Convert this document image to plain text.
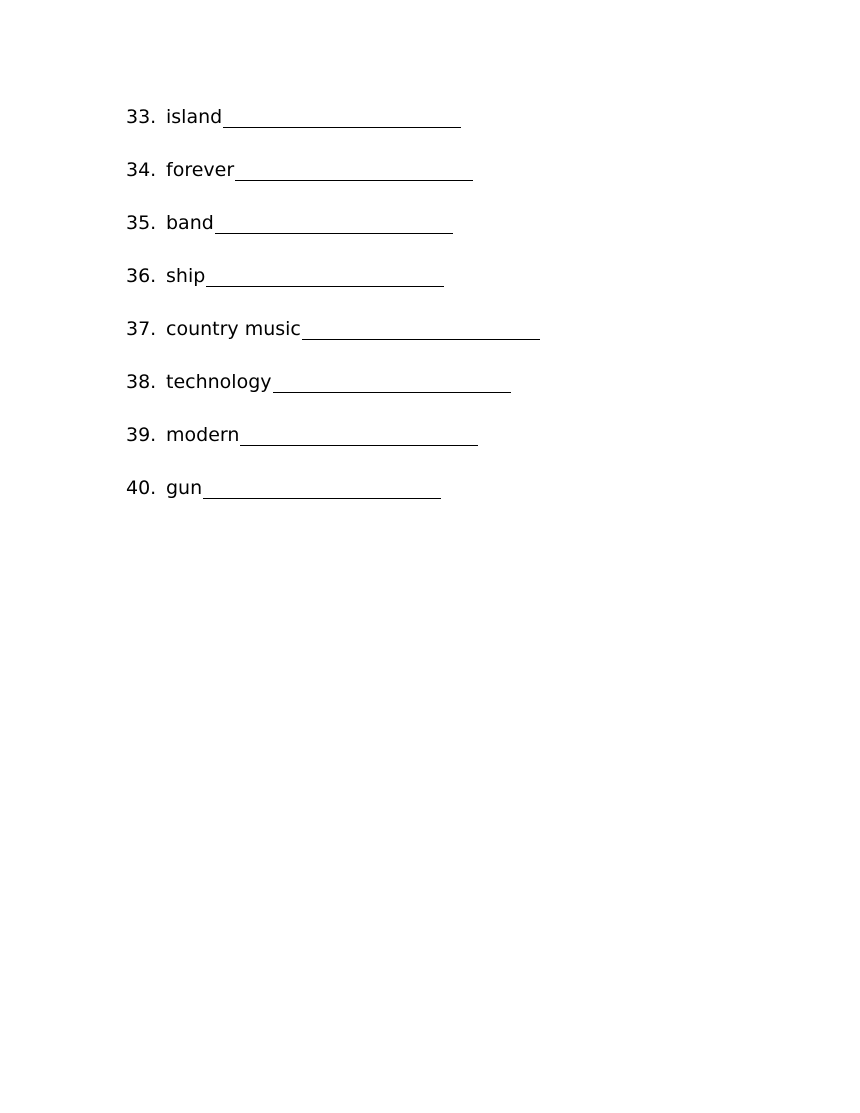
33. island
34. forever
35. band
36. ship
37. country music
38. technology
39. modern
40. gun
